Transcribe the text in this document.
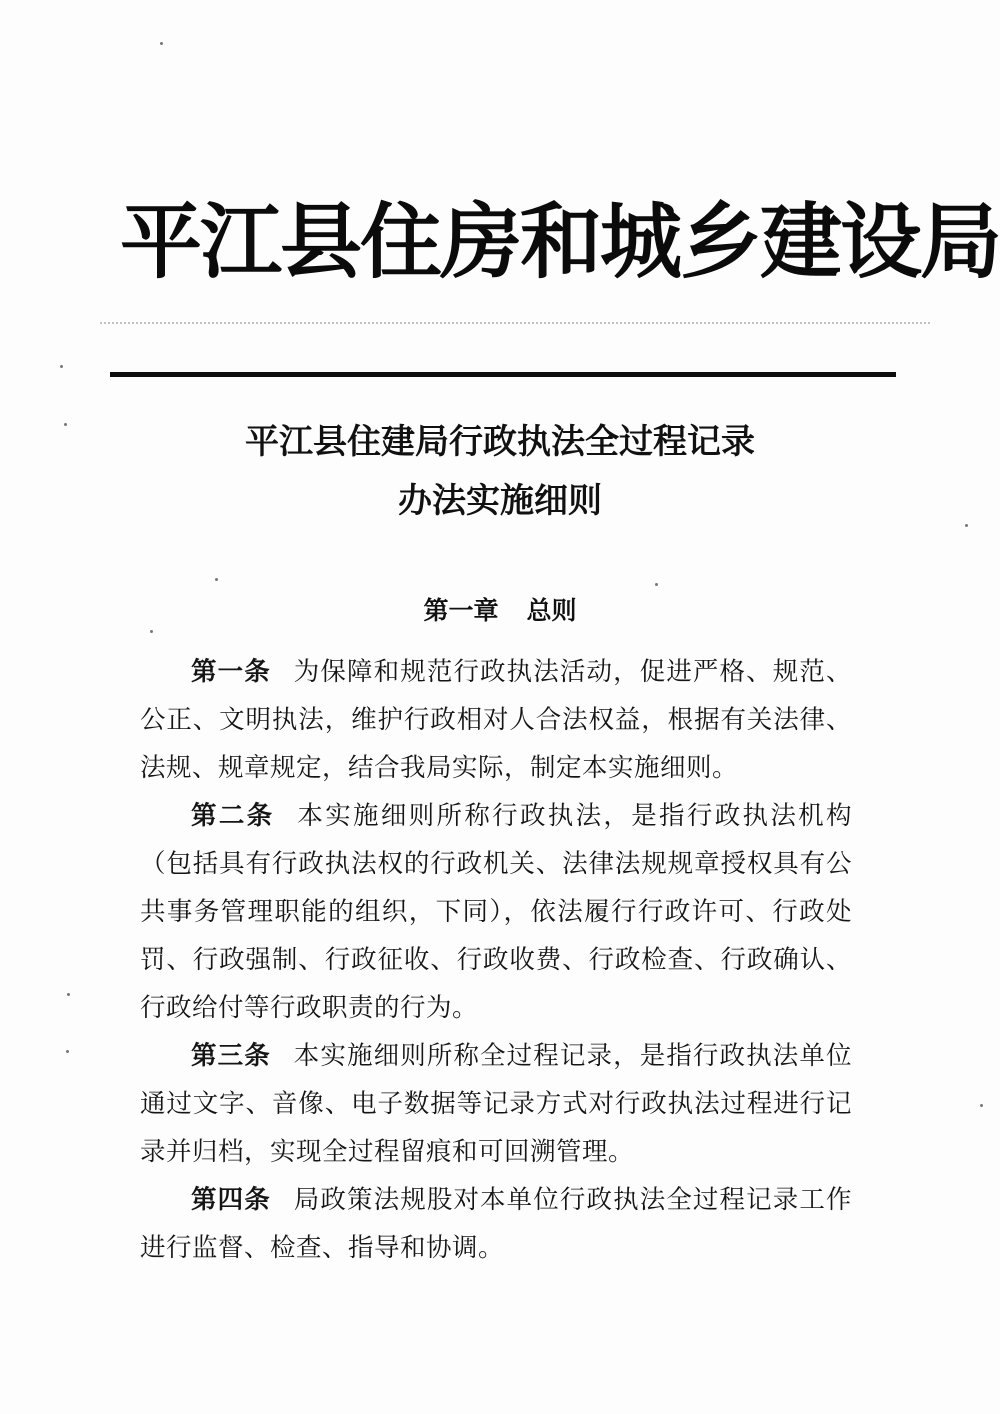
平江县住房和城乡建设局
平江县住建局行政执法全过程记录
办法实施细则
第一章 总则

第一条 为保障和规范行政执法活动，促进严格、规范、公正、文明执法，维护行政相对人合法权益，根据有关法律、法规、规章规定，结合我局实际，制定本实施细则。

第二条 本实施细则所称行政执法，是指行政执法机构（包括具有行政执法权的行政机关、法律法规规章授权具有公共事务管理职能的组织，下同），依法履行行政许可、行政处罚、行政强制、行政征收、行政收费、行政检查、行政确认、行政给付等行政职责的行为。

第三条 本实施细则所称全过程记录，是指行政执法单位通过文字、音像、电子数据等记录方式对行政执法过程进行记录并归档，实现全过程留痕和可回溯管理。

第四条 局政策法规股对本单位行政执法全过程记录工作进行监督、检查、指导和协调。
